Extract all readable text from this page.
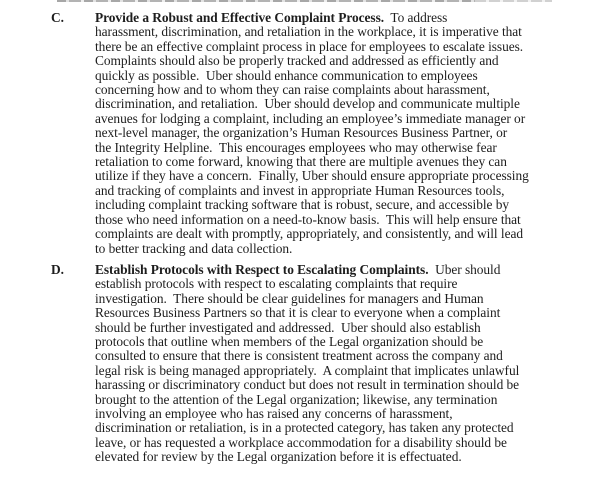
C.	Provide a Robust and Effective Complaint Process.  To address
harassment, discrimination, and retaliation in the workplace, it is imperative that
there be an effective complaint process in place for employees to escalate issues.
Complaints should also be properly tracked and addressed as efficiently and
quickly as possible.  Uber should enhance communication to employees
concerning how and to whom they can raise complaints about harassment,
discrimination, and retaliation.  Uber should develop and communicate multiple
avenues for lodging a complaint, including an employee’s immediate manager or
next-level manager, the organization’s Human Resources Business Partner, or
the Integrity Helpline.  This encourages employees who may otherwise fear
retaliation to come forward, knowing that there are multiple avenues they can
utilize if they have a concern.  Finally, Uber should ensure appropriate processing
and tracking of complaints and invest in appropriate Human Resources tools,
including complaint tracking software that is robust, secure, and accessible by
those who need information on a need-to-know basis.  This will help ensure that
complaints are dealt with promptly, appropriately, and consistently, and will lead
to better tracking and data collection.
D.	Establish Protocols with Respect to Escalating Complaints.  Uber should
establish protocols with respect to escalating complaints that require
investigation.  There should be clear guidelines for managers and Human
Resources Business Partners so that it is clear to everyone when a complaint
should be further investigated and addressed.  Uber should also establish
protocols that outline when members of the Legal organization should be
consulted to ensure that there is consistent treatment across the company and
legal risk is being managed appropriately.  A complaint that implicates unlawful
harassing or discriminatory conduct but does not result in termination should be
brought to the attention of the Legal organization; likewise, any termination
involving an employee who has raised any concerns of harassment,
discrimination or retaliation, is in a protected category, has taken any protected
leave, or has requested a workplace accommodation for a disability should be
elevated for review by the Legal organization before it is effectuated.
